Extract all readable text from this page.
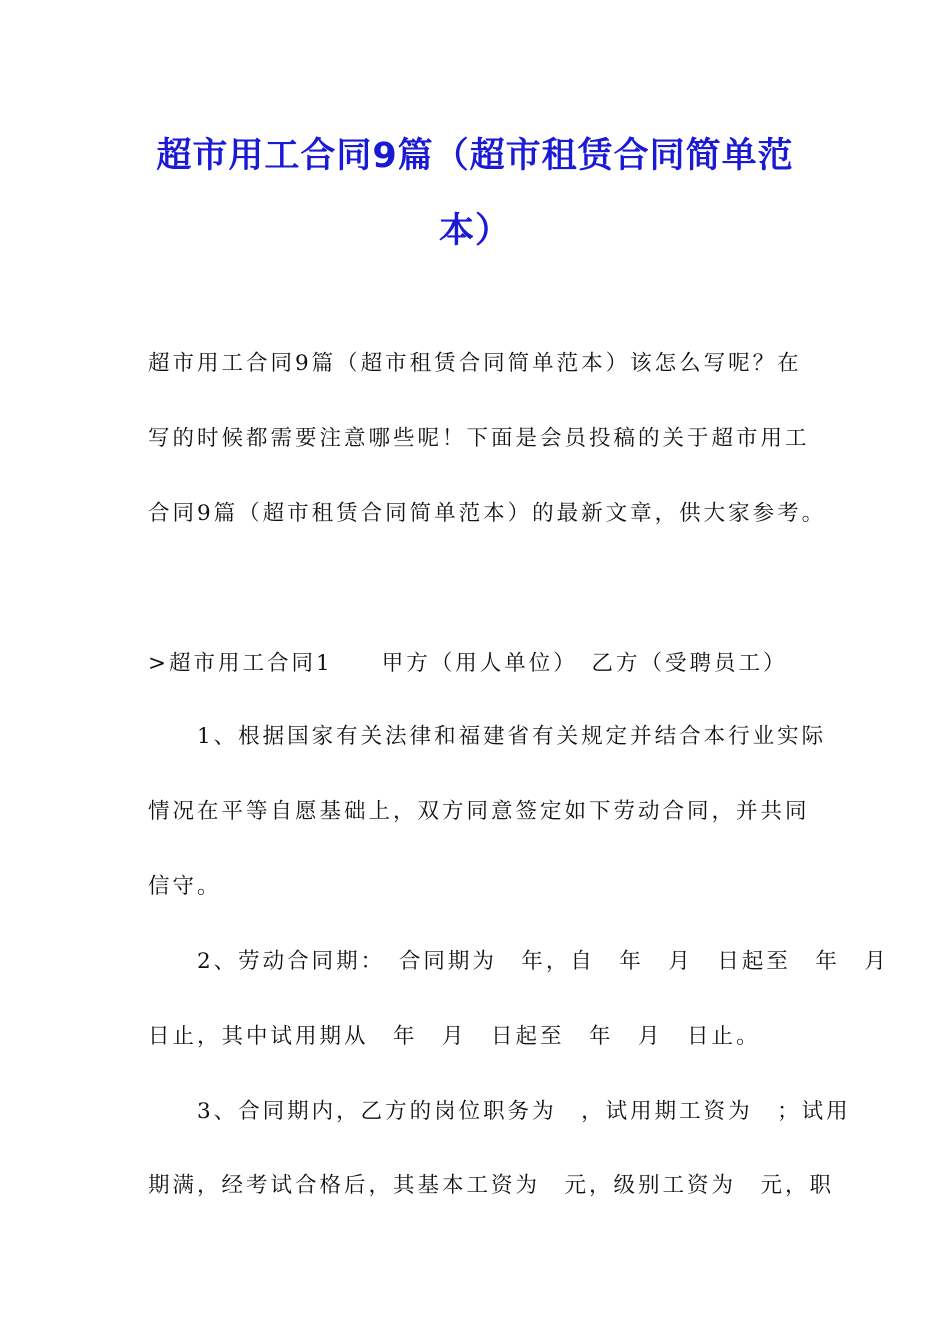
超市用工合同9篇（超市租赁合同简单范
本）

超市用工合同9篇（超市租赁合同简单范本）该怎么写呢？在

写的时候都需要注意哪些呢！下面是会员投稿的关于超市用工

合同9篇（超市租赁合同简单范本）的最新文章，供大家参考。

>超市用工合同1　　甲方（用人单位）　乙方（受聘员工）

　　1、根据国家有关法律和福建省有关规定并结合本行业实际

情况在平等自愿基础上，双方同意签定如下劳动合同，并共同

信守。

　　2、劳动合同期：　合同期为　年，自　年　月　日起至　年　月

日止，其中试用期从　年　月　日起至　年　月　日止。

　　3、合同期内，乙方的岗位职务为　，试用期工资为　；试用

期满，经考试合格后，其基本工资为　元，级别工资为　元，职
